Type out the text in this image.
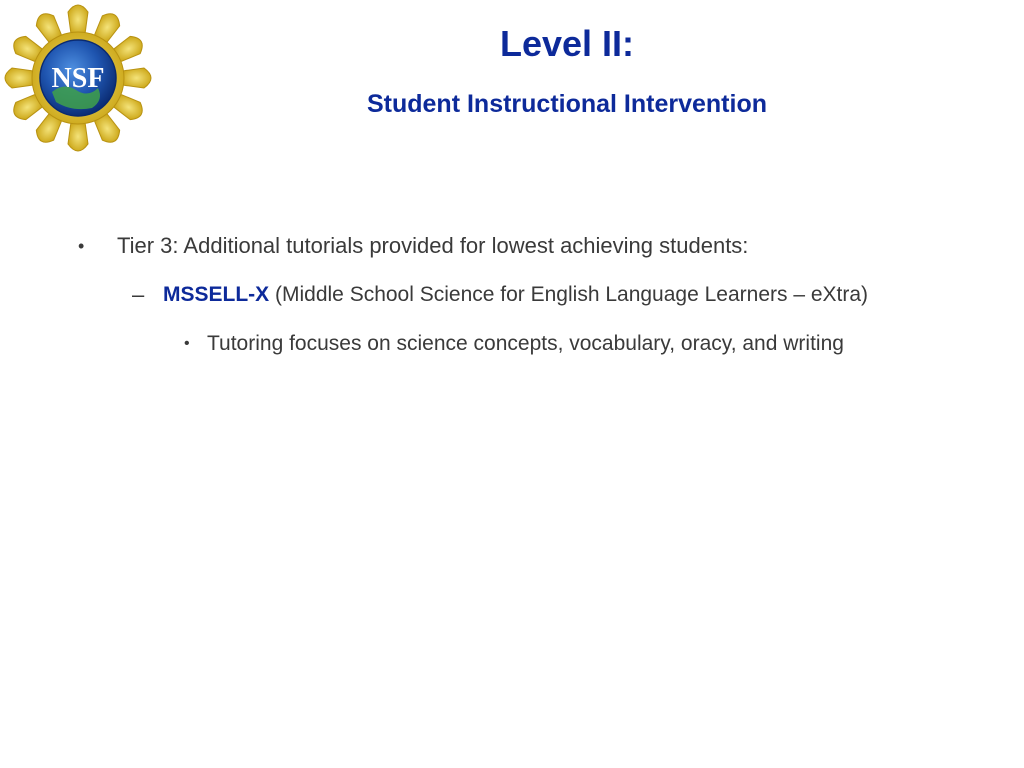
NSF
Level II:
Student Instructional Intervention
• Tier 3: Additional tutorials provided for lowest achieving students:
– MSSELL-X (Middle School Science for English Language Learners – eXtra)
• Tutoring focuses on science concepts, vocabulary, oracy, and writing
